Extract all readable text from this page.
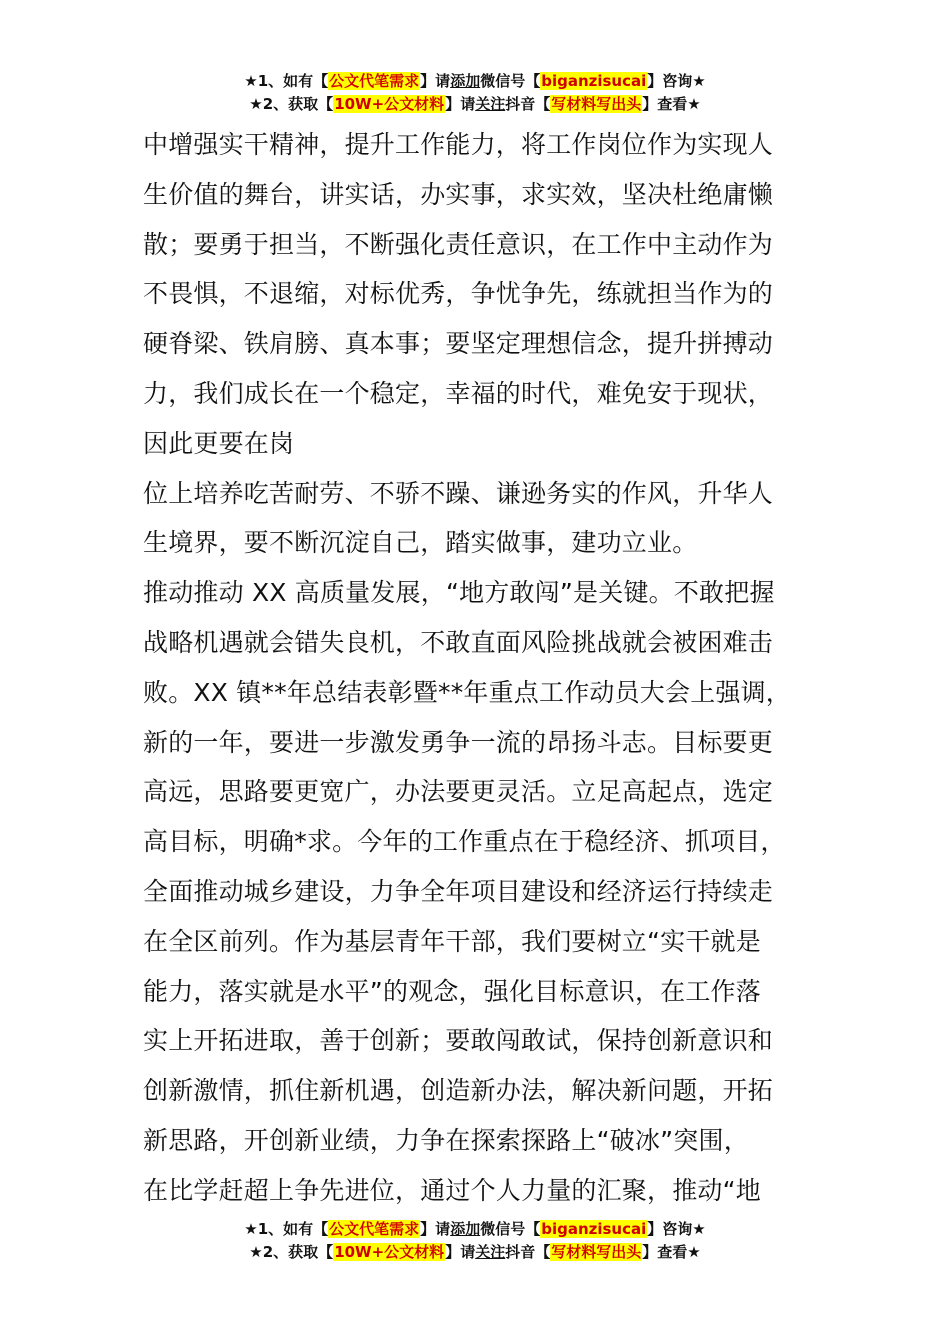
★1、如有【公文代笔需求】请添加微信号【biganzisucai】咨询★
★2、获取【10W+公文材料】请关注抖音【写材料写出头】查看★
中增强实干精神，提升工作能力，将工作岗位作为实现人
生价值的舞台，讲实话，办实事，求实效，坚决杜绝庸懒
散；要勇于担当，不断强化责任意识，在工作中主动作为
不畏惧，不退缩，对标优秀，争忧争先，练就担当作为的
硬脊梁、铁肩膀、真本事；要坚定理想信念，提升拼搏动
力，我们成长在一个稳定，幸福的时代，难免安于现状，
因此更要在岗
位上培养吃苦耐劳、不骄不躁、谦逊务实的作风，升华人
生境界，要不断沉淀自己，踏实做事，建功立业。
推动推动 XX 高质量发展，“地方敢闯”是关键。不敢把握
战略机遇就会错失良机，不敢直面风险挑战就会被困难击
败。XX 镇**年总结表彰暨**年重点工作动员大会上强调，
新的一年，要进一步激发勇争一流的昂扬斗志。目标要更
高远，思路要更宽广，办法要更灵活。立足高起点，选定
高目标，明确*求。今年的工作重点在于稳经济、抓项目，
全面推动城乡建设，力争全年项目建设和经济运行持续走
在全区前列。作为基层青年干部，我们要树立“实干就是
能力，落实就是水平”的观念，强化目标意识，在工作落
实上开拓进取，善于创新；要敢闯敢试，保持创新意识和
创新激情，抓住新机遇，创造新办法，解决新问题，开拓
新思路，开创新业绩，力争在探索探路上“破冰”突围，
在比学赶超上争先进位，通过个人力量的汇聚，推动“地
★1、如有【公文代笔需求】请添加微信号【biganzisucai】咨询★
★2、获取【10W+公文材料】请关注抖音【写材料写出头】查看★
